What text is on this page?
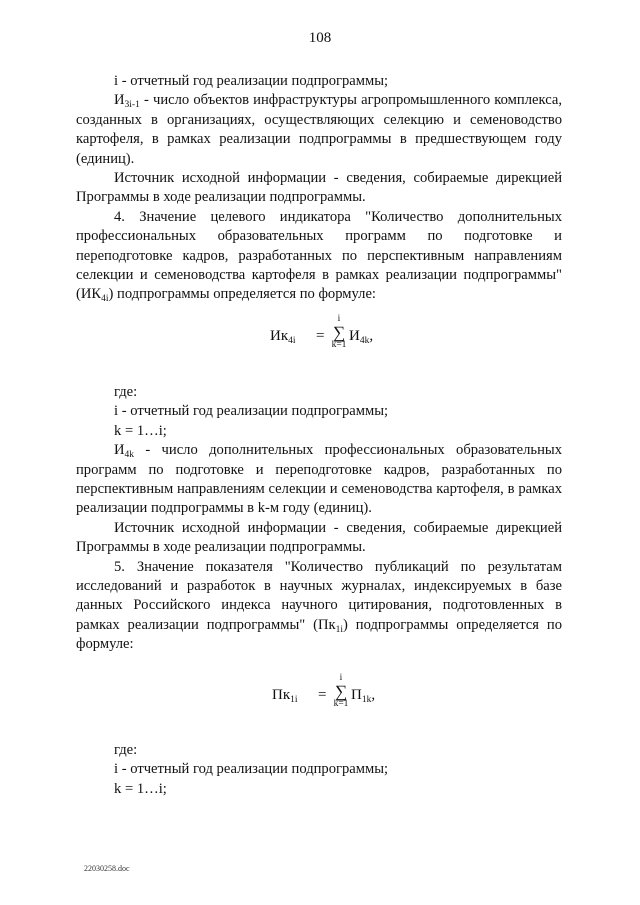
108

i - отчетный год реализации подпрограммы;

$И_{3i-1}$ - число объектов инфраструктуры агропромышленного комплекса, созданных в организациях, осуществляющих селекцию и семеноводство картофеля, в рамках реализации подпрограммы в предшествующем году (единиц).

Источник исходной информации - сведения, собираемые дирекцией Программы в ходе реализации подпрограммы.

4. Значение целевого индикатора "Количество дополнительных профессиональных образовательных программ по подготовке и переподготовке кадров, разработанных по перспективным направлениям селекции и семеноводства картофеля в рамках реализации подпрограммы" $(ИК_{4i})$ подпрограммы определяется по формуле:

$Ик_{4i}$ =
i
∑
k=1
$И_{4k}$,

где:

i - отчетный год реализации подпрограммы;

k = 1…i;

$И_{4k}$ - число дополнительных профессиональных образовательных программ по подготовке и переподготовке кадров, разработанных по перспективным направлениям селекции и семеноводства картофеля, в рамках реализации подпрограммы в k-м году (единиц).

Источник исходной информации - сведения, собираемые дирекцией Программы в ходе реализации подпрограммы.

5. Значение показателя "Количество публикаций по результатам исследований и разработок в научных журналах, индексируемых в базе данных Российского индекса научного цитирования, подготовленных в рамках реализации подпрограммы" $(Пк_{1i})$ подпрограммы определяется по формуле:

$Пк_{1i}$ =
i
∑
k=1
$П_{1k}$,

где:

i - отчетный год реализации подпрограммы;

k = 1…i;

22030258.doc
